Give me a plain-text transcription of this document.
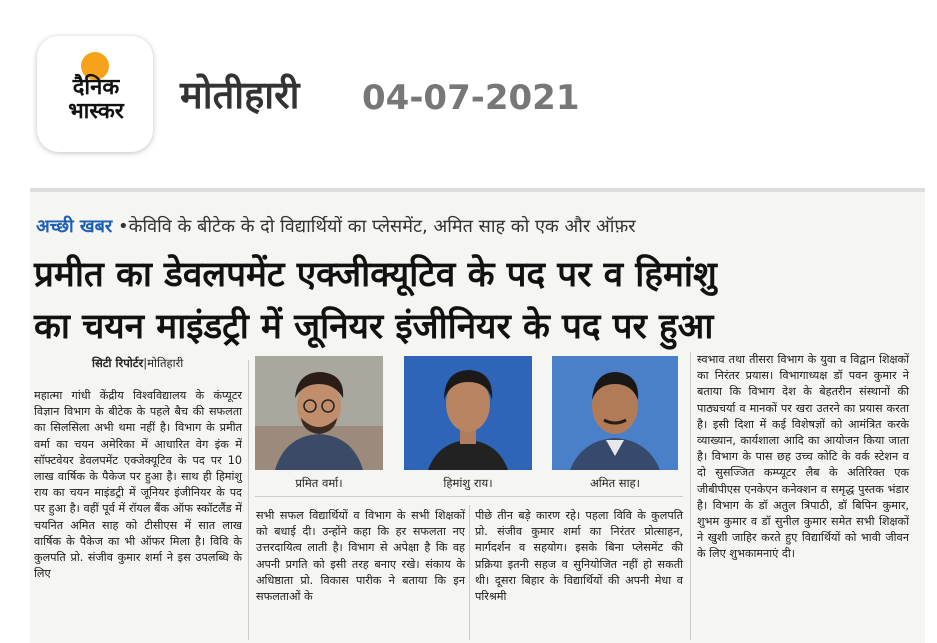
दैनिक
भास्कर	मोतीहारी 04-07-2021
अच्छी खबर •केविवि के बीटेक के दो विद्यार्थियों का प्लेसमेंट, अमित साह को एक और ऑफ़र
प्रमीत का डेवलपमेंट एक्जीक्यूटिव के पद पर व हिमांशु
का चयन माइंडट्री में जूनियर इंजीनियर के पद पर हुआ
सिटी रिपोर्टर|मोतिहारी
महात्मा गांधी केंद्रीय विश्वविद्यालय के कंप्यूटर विज्ञान विभाग के बीटेक के पहले बैच की सफलता का सिलसिला अभी थमा नहीं है। विभाग के प्रमीत वर्मा का चयन अमेरिका में आधारित वेग इंक में सॉफ्टवेयर डेवलपमेंट एक्जेक्यूटिव के पद पर 10 लाख वार्षिक के पैकेज पर हुआ है। साथ ही हिमांशु राय का चयन माइंडट्री में जूनियर इंजीनियर के पद पर हुआ है। वहीं पूर्व में रॉयल बैंक ऑफ स्कॉटलैंड में चयनित अमित साह को टीसीएस में सात लाख वार्षिक के पैकेज का भी ऑफर मिला है। विवि के कुलपति प्रो. संजीव कुमार शर्मा ने इस उपलब्धि के लिए
प्रमित वर्मा।	हिमांशु राय।	अमित साह।
सभी सफल विद्यार्थियों व विभाग के सभी शिक्षकों को बधाई दी। उन्होंने कहा कि हर सफलता नए उत्तरदायित्व लाती है। विभाग से अपेक्षा है कि वह अपनी प्रगति को इसी तरह बनाए रखे। संकाय के अधिष्ठाता प्रो. विकास पारीक ने बताया कि इन सफलताओं के
पीछे तीन बड़े कारण रहे। पहला विवि के कुलपति प्रो. संजीव कुमार शर्मा का निरंतर प्रोत्साहन, मार्गदर्शन व सहयोग। इसके बिना प्लेसमेंट की प्रक्रिया इतनी सहज व सुनियोजित नहीं हो सकती थी। दूसरा बिहार के विद्यार्थियों की अपनी मेधा व परिश्रमी
स्वभाव तथा तीसरा विभाग के युवा व विद्वान शिक्षकों का निरंतर प्रयास। विभागाध्यक्ष डॉ पवन कुमार ने बताया कि विभाग देश के बेहतरीन संस्थानों की पाठ्यचर्या व मानकों पर खरा उतरने का प्रयास करता है। इसी दिशा में कई विशेषज्ञों को आमंत्रित करके व्याख्यान, कार्यशाला आदि का आयोजन किया जाता है। विभाग के पास छह उच्च कोटि के वर्क स्टेशन व दो सुसज्जित कम्प्यूटर लैब के अतिरिक्त एक जीबीपीएस एनकेएन कनेक्शन व समृद्ध पुस्तक भंडार है। विभाग के डॉ अतुल त्रिपाठी, डॉ बिपिन कुमार, शुभम कुमार व डॉ सुनील कुमार समेत सभी शिक्षकों ने खुशी जाहिर करते हुए विद्यार्थियों को भावी जीवन के लिए शुभकामनाएं दी।
